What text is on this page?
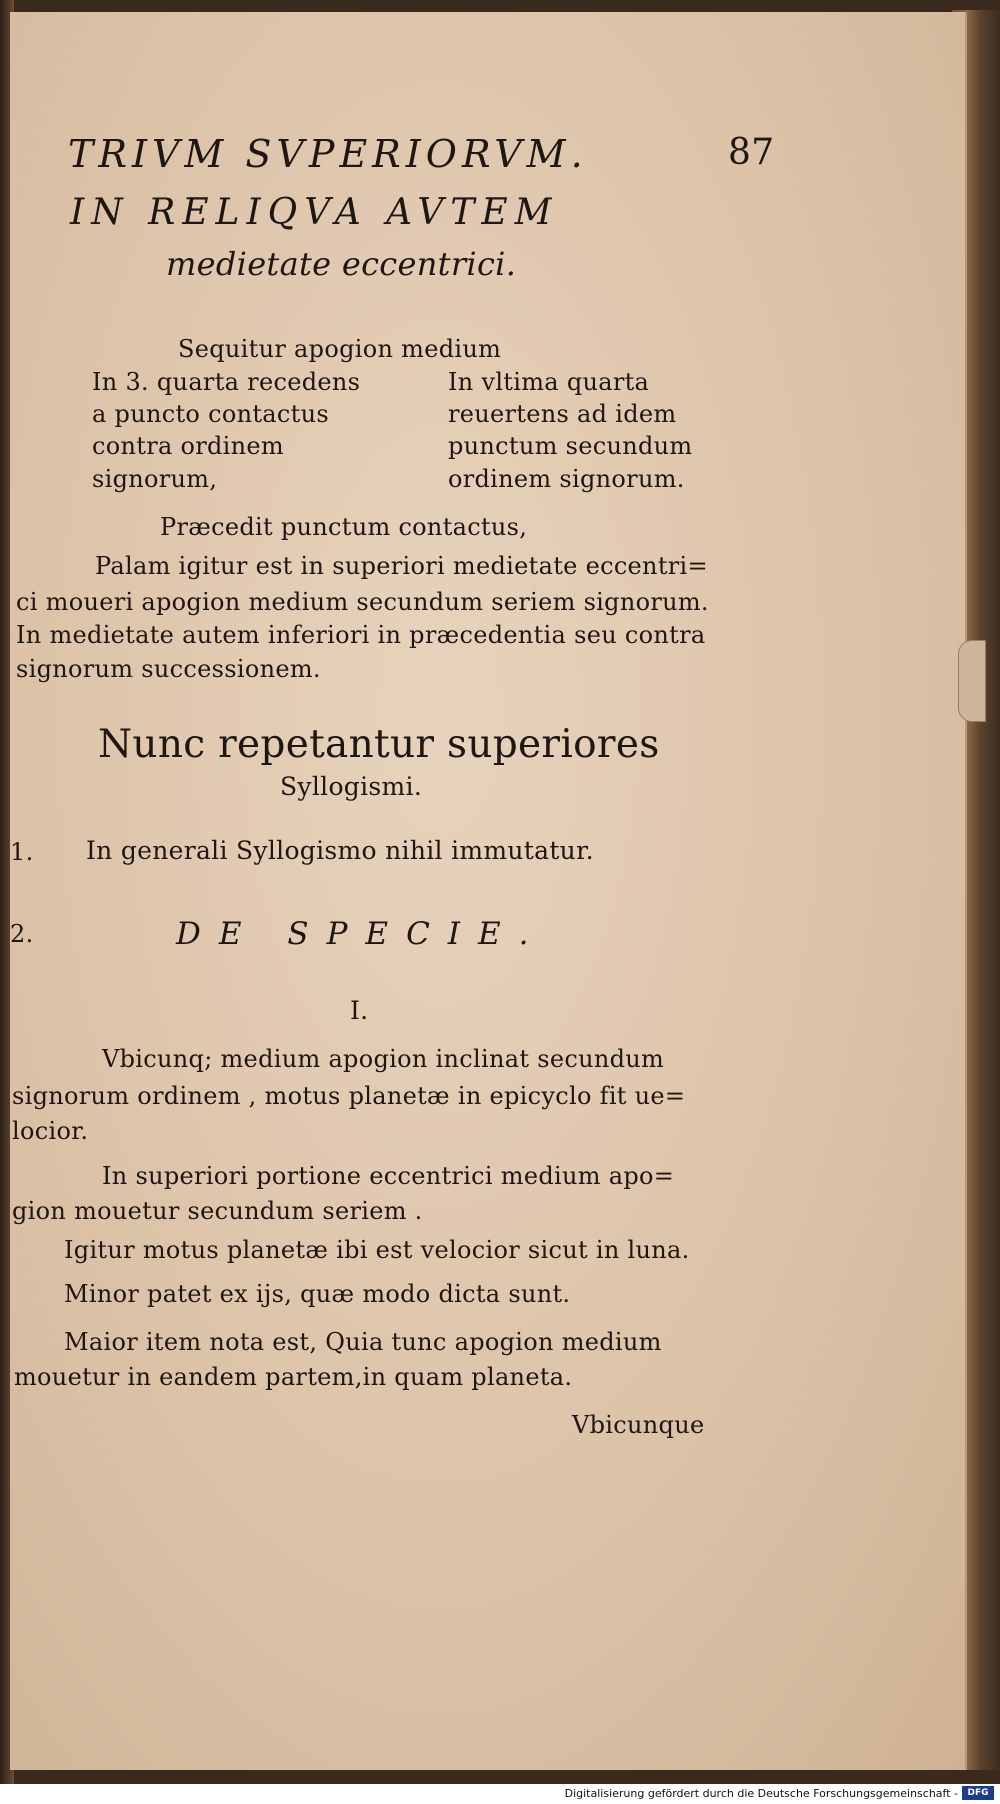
TRIVM SVPERIORVM.	87
IN RELIQVA AVTEM
medietate eccentrici.
Sequitur apogion medium
In 3. quarta recedens
a puncto contactus
contra ordinem
signorum,
In vltima quarta
reuertens ad idem
punctum secundum
ordinem signorum.
Præcedit punctum contactus,
Palam igitur est in superiori medietate eccentri=
ci moueri apogion medium secundum seriem signorum.
In medietate autem inferiori in præcedentia seu contra
signorum successionem.
Nunc repetantur superiores
Syllogismi.
1. In generali Syllogismo nihil immutatur.
2.	DE SPECIE.
I.
Vbicunq; medium apogion inclinat secundum
signorum ordinem , motus planetæ in epicyclo fit ue=
locior.
In superiori portione eccentrici medium apo=
gion mouetur secundum seriem .
Igitur motus planetæ ibi est velocior sicut in luna.
Minor patet ex ijs, quæ modo dicta sunt.
Maior item nota est, Quia tunc apogion medium
mouetur in eandem partem,in quam planeta.
Vbicunque
Digitalisierung gefördert durch die Deutsche Forschungsgemeinschaft -	DFG
